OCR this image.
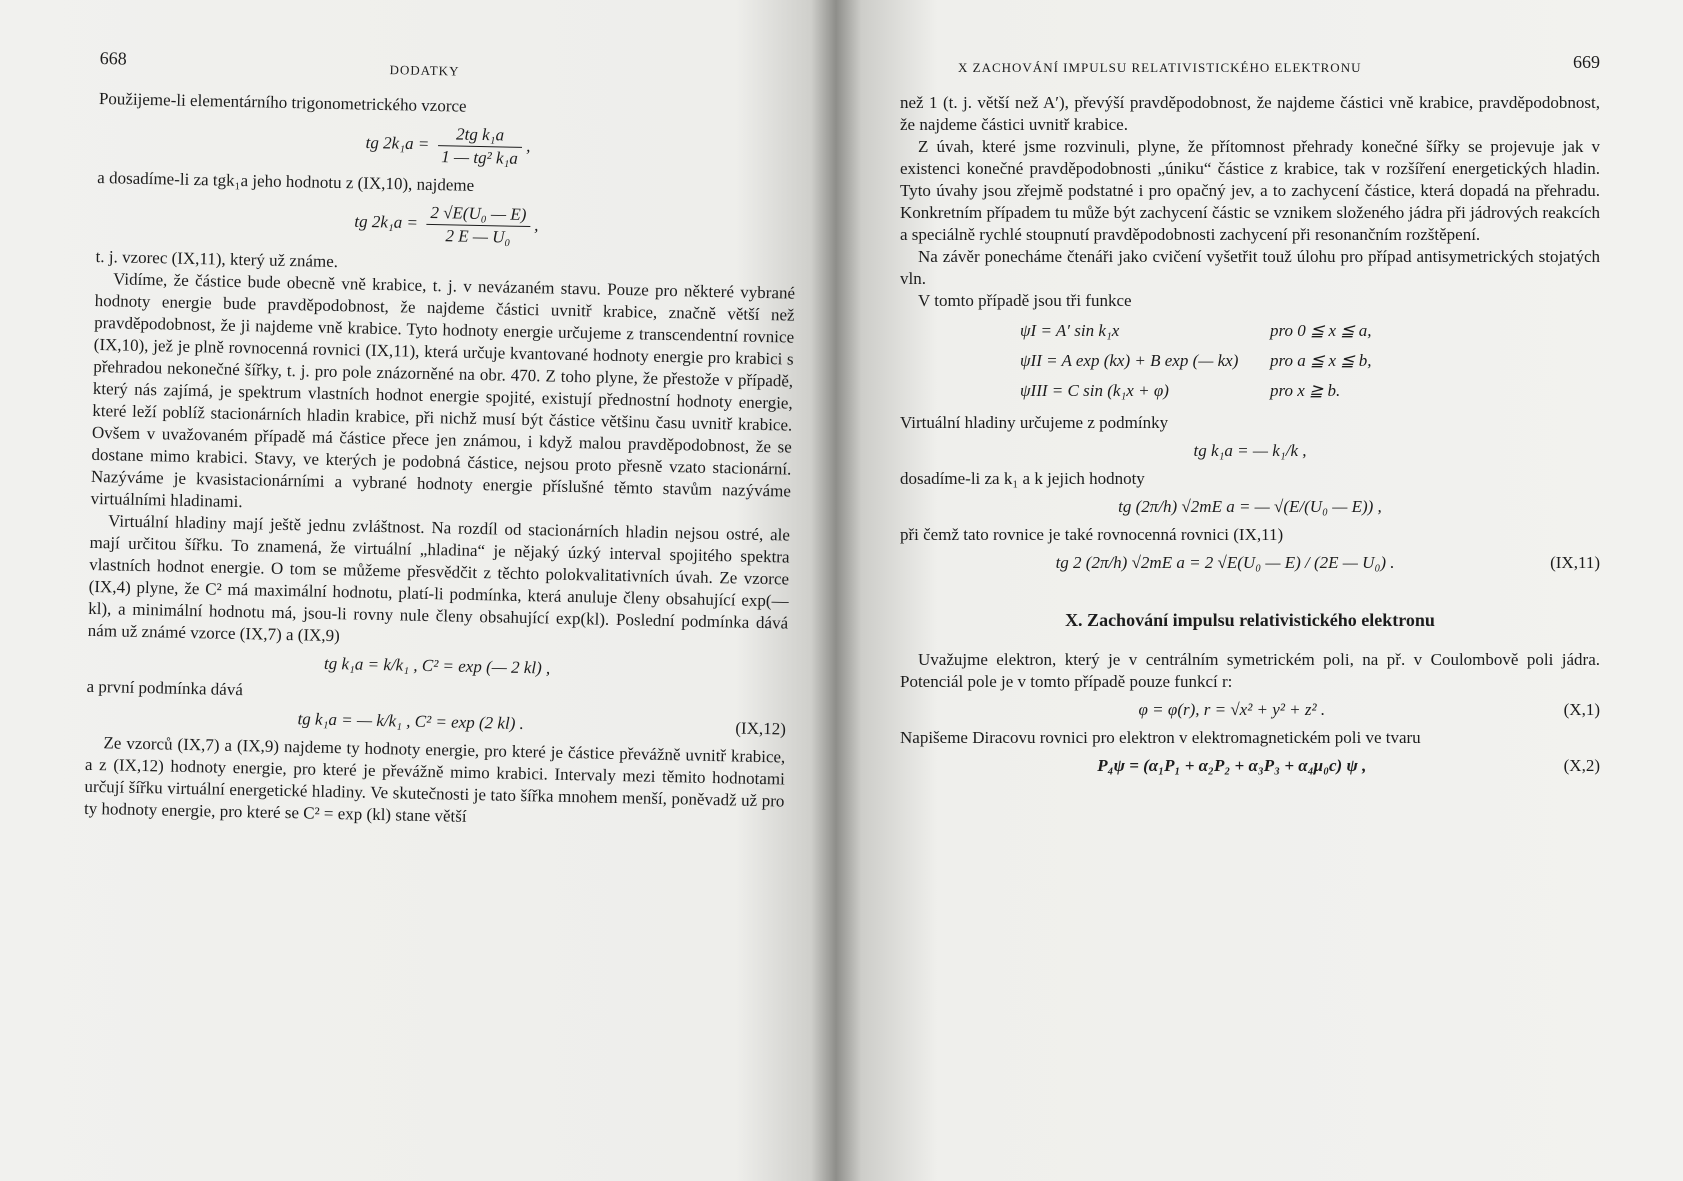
668
DODATKY

Použijeme-li elementárního trigonometrického vzorce

tg $2k_1a = \frac{\text{2tg k₁a}}{\text{1 — tg² k₁a}}$ ,

a dosadíme-li za tgk₁a jeho hodnotu z (IX,10), najdeme

tg $2k_1a = \frac{\text{2 √E(U₀ — E)}}{\text{2 E — U₀}}$ ,

t. j. vzorec (IX,11), který už známe.

Vidíme, že částice bude obecně vně krabice, t. j. v nevázaném stavu. Pouze pro některé vybrané hodnoty energie bude pravděpodobnost, že najdeme částici uvnitř krabice, značně větší než pravděpodobnost, že ji najdeme vně krabice. Tyto hodnoty energie určujeme z transcendentní rovnice (IX,10), jež je plně rovnocenná rovnici (IX,11), která určuje kvantované hodnoty energie pro krabici s přehradou nekonečné šířky, t. j. pro pole znázorněné na obr. 470. Z toho plyne, že přestože v případě, který nás zajímá, je spektrum vlastních hodnot energie spojité, existují přednostní hodnoty energie, které leží poblíž stacionárních hladin krabice, při nichž musí být částice většinu času uvnitř krabice. Ovšem v uvažovaném případě má částice přece jen známou, i když malou pravděpodobnost, že se dostane mimo krabici. Stavy, ve kterých je podobná částice, nejsou proto přesně vzato stacionární. Nazýváme je kvasistacionárními a vybrané hodnoty energie příslušné těmto stavům nazýváme virtuálními hladinami.

Virtuální hladiny mají ještě jednu zvláštnost. Na rozdíl od stacionárních hladin nejsou ostré, ale mají určitou šířku. To znamená, že virtuální „hladina“ je nějaký úzký interval spojitého spektra vlastních hodnot energie. O tom se můžeme přesvědčit z těchto polokvalitativních úvah. Ze vzorce (IX,4) plyne, že C² má maximální hodnotu, platí-li podmínka, která anuluje členy obsahující exp(—kl), a minimální hodnotu má, jsou-li rovny nule členy obsahující exp(kl). Poslední podmínka dává nám už známé vzorce (IX,7) a (IX,9)

tg k₁a = k/k₁ , C² = exp (— 2 kl) ,

a první podmínka dává

tg k₁a = — k/k₁ , C² = exp (2 kl) .	(IX,12)

Ze vzorců (IX,7) a (IX,9) najdeme ty hodnoty energie, pro které je částice převážně uvnitř krabice, a z (IX,12) hodnoty energie, pro které je převážně mimo krabici. Intervaly mezi těmito hodnotami určují šířku virtuální energetické hladiny. Ve skutečnosti je tato šířka mnohem menší, poněvadž už pro ty hodnoty energie, pro které se C² = exp (kl) stane větší

X ZACHOVÁNÍ IMPULSU RELATIVISTICKÉHO ELEKTRONU	669

než 1 (t. j. větší než A′), převýší pravděpodobnost, že najdeme částici vně krabice, pravděpodobnost, že najdeme částici uvnitř krabice.

Z úvah, které jsme rozvinuli, plyne, že přítomnost přehrady konečné šířky se projevuje jak v existenci konečné pravděpodobnosti „úniku“ částice z krabice, tak v rozšíření energetických hladin. Tyto úvahy jsou zřejmě podstatné i pro opačný jev, a to zachycení částice, která dopadá na přehradu. Konkretním případem tu může být zachycení částic se vznikem složeného jádra při jádrových reakcích a speciálně rychlé stoupnutí pravděpodobnosti zachycení při resonančním rozštěpení.

Na závěr ponecháme čtenáři jako cvičení vyšetřit touž úlohu pro případ antisymetrických stojatých vln.

V tomto případě jsou tři funkce

ψI = A′ sin k₁x	pro 0 ≦ x ≦ a,
ψII = A exp (kx) + B exp (— kx) pro a ≦ x ≦ b,
ψIII = C sin (k₁x + φ)	pro x ≧ b.

Virtuální hladiny určujeme z podmínky

tg k₁a = — k₁/k ,

dosadíme-li za k₁ a k jejich hodnoty

tg (2π/h) √2mE a = — √(E/(U₀ — E)) ,

při čemž tato rovnice je také rovnocenná rovnici (IX,11)

tg 2 (2π/h) √2mE a = 2 √E(U₀ — E) / (2E — U₀) .	(IX,11)
X. Zachování impulsu relativistického elektronu

Uvažujme elektron, který je v centrálním symetrickém poli, na př. v Coulombově poli jádra. Potenciál pole je v tomto případě pouze funkcí r:

φ = φ(r), r = √x² + y² + z² .	(X,1)

Napišeme Diracovu rovnici pro elektron v elektromagnetickém poli ve tvaru

P₄ψ = (α₁P₁ + α₂P₂ + α₃P₃ + α₄μ₀c) ψ ,	(X,2)
